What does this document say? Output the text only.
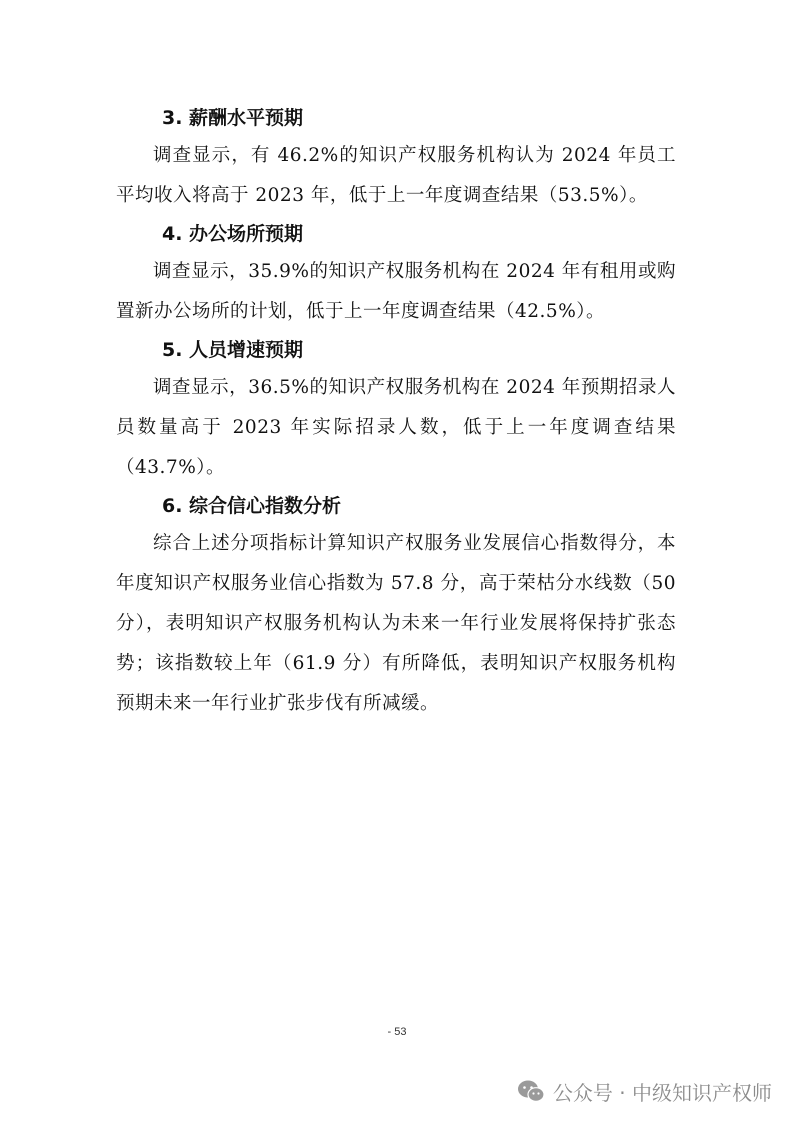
3. 薪酬水平预期

调查显示，有 46.2%的知识产权服务机构认为 2024 年员工平均收入将高于 2023 年，低于上一年度调查结果（53.5%）。

4. 办公场所预期

调查显示，35.9%的知识产权服务机构在 2024 年有租用或购置新办公场所的计划，低于上一年度调查结果（42.5%）。

5. 人员增速预期

调查显示，36.5%的知识产权服务机构在 2024 年预期招录人员数量高于 2023 年实际招录人数，低于上一年度调查结果（43.7%）。

6. 综合信心指数分析

综合上述分项指标计算知识产权服务业发展信心指数得分，本年度知识产权服务业信心指数为 57.8 分，高于荣枯分水线数（50 分），表明知识产权服务机构认为未来一年行业发展将保持扩张态势；该指数较上年（61.9 分）有所降低，表明知识产权服务机构预期未来一年行业扩张步伐有所减缓。

- 53
公众号 · 中级知识产权师
